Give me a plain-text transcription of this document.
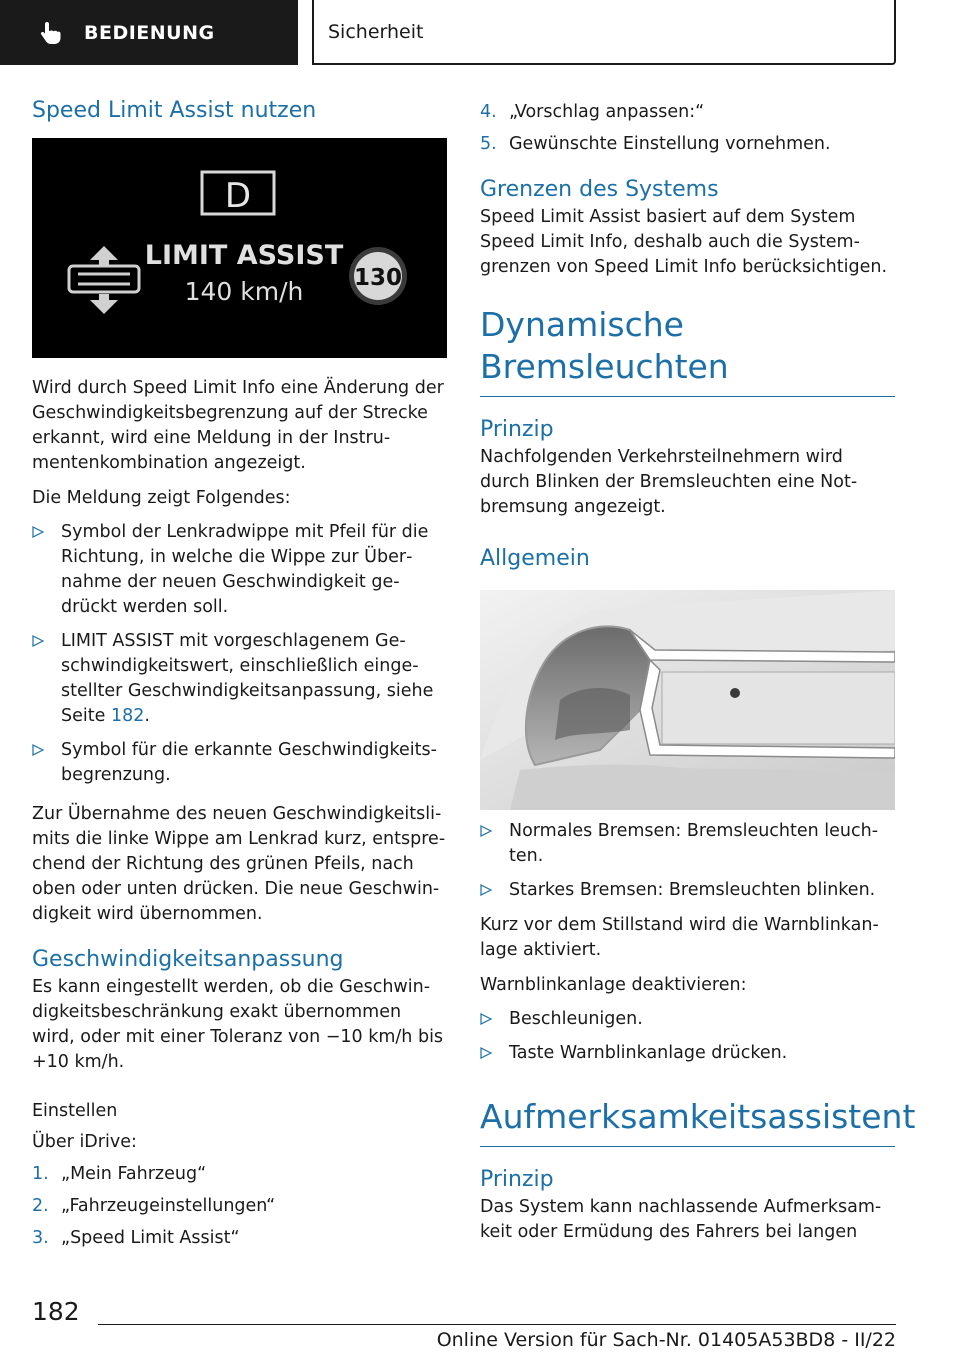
BEDIENUNG	Sicherheit
Speed Limit Assist nutzen
D
LIMIT ASSIST
140 km/h 130

Wird durch Speed Limit Info eine Änderung der Geschwindigkeitsbegrenzung auf der Strecke erkannt, wird eine Meldung in der Instrumentenkombination angezeigt.

Die Meldung zeigt Folgendes:

Symbol der Lenkradwippe mit Pfeil für die Richtung, in welche die Wippe zur Übernahme der neuen Geschwindigkeit gedrückt werden soll.
LIMIT ASSIST mit vorgeschlagenem Geschwindigkeitswert, einschließlich eingestellter Geschwindigkeitsanpassung, siehe Seite 182.
Symbol für die erkannte Geschwindigkeitsbegrenzung.

Zur Übernahme des neuen Geschwindigkeitslimits die linke Wippe am Lenkrad kurz, entsprechend der Richtung des grünen Pfeils, nach oben oder unten drücken. Die neue Geschwindigkeit wird übernommen.

Geschwindigkeitsanpassung

Es kann eingestellt werden, ob die Geschwindigkeitsbeschränkung exakt übernommen wird, oder mit einer Toleranz von −10 km/h bis +10 km/h.

Einstellen

Über iDrive:

1. „Mein Fahrzeug“
2. „Fahrzeugeinstellungen“
3. „Speed Limit Assist“
4. „Vorschlag anpassen:“
5. Gewünschte Einstellung vornehmen.
Grenzen des Systems

Speed Limit Assist basiert auf dem System Speed Limit Info, deshalb auch die Systemgrenzen von Speed Limit Info berücksichtigen.

Dynamische Bremsleuchten
Prinzip

Nachfolgenden Verkehrsteilnehmern wird durch Blinken der Bremsleuchten eine Notbremsung angezeigt.

Allgemein
Normales Bremsen: Bremsleuchten leuchten.
Starkes Bremsen: Bremsleuchten blinken.

Kurz vor dem Stillstand wird die Warnblinkanlage aktiviert.

Warnblinkanlage deaktivieren:

Beschleunigen.
Taste Warnblinkanlage drücken.
Aufmerksamkeitsassistent
Prinzip

Das System kann nachlassende Aufmerksamkeit oder Ermüdung des Fahrers bei langen

182
Online Version für Sach-Nr. 01405A53BD8 - II/22
